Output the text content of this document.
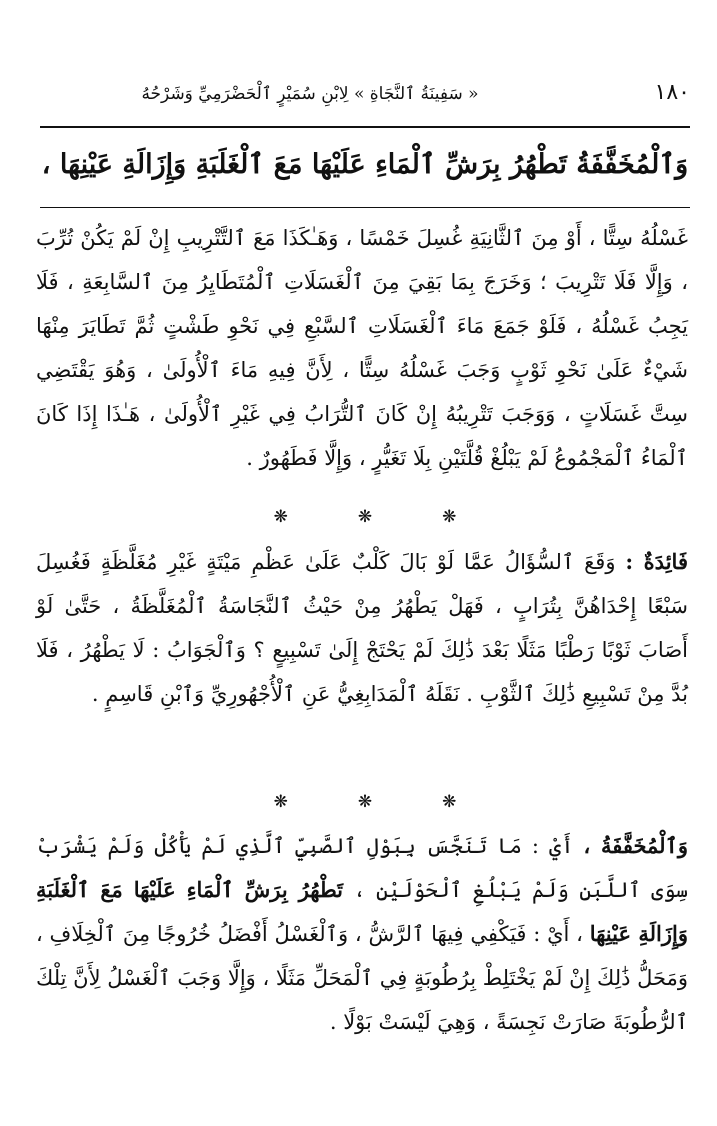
١٨٠
« سَفِينَةُ ٱلنَّجَاةِ » لِابْنِ سُمَيْرٍ ٱلْحَضْرَمِيِّ وَشَرْحُهُ
وَٱلْمُخَفَّفَةُ تَطْهُرُ بِرَشِّ ٱلْمَاءِ عَلَيْهَا مَعَ ٱلْغَلَبَةِ وَإِزَالَةِ عَيْنِهَا ،

غَسْلُهُ سِتًّا ، أَوْ مِنَ ٱلثَّانِيَةِ غُسِلَ خَمْسًا ، وَهَـٰكَذَا مَعَ ٱلتَّتْرِيبِ إِنْ لَمْ يَكُنْ تُرِّبَ ، وَإِلَّا فَلَا تَتْرِيبَ ؛ وَخَرَجَ بِمَا بَقِيَ مِنَ ٱلْغَسَلَاتِ ٱلْمُتَطَايِرُ مِنَ ٱلسَّابِعَةِ ، فَلَا يَجِبُ غَسْلُهُ ، فَلَوْ جَمَعَ مَاءَ ٱلْغَسَلَاتِ ٱلسَّبْعِ فِي نَحْوِ طَشْتٍ ثُمَّ تَطَايَرَ مِنْهَا شَيْءٌ عَلَىٰ نَحْوِ ثَوْبٍ وَجَبَ غَسْلُهُ سِتًّا ، لِأَنَّ فِيهِ مَاءَ ٱلْأُولَىٰ ، وَهُوَ يَقْتَضِي سِتَّ غَسَلَاتٍ ، وَوَجَبَ تَتْرِيبُهُ إِنْ كَانَ ٱلتُّرَابُ فِي غَيْرِ ٱلْأُولَىٰ ، هَـٰذَا إِذَا كَانَ ٱلْمَاءُ ٱلْمَجْمُوعُ لَمْ يَبْلُغْ قُلَّتَيْنِ بِلَا تَغَيُّرٍ ، وَإِلَّا فَطَهُورٌ .

❋	❋	❋

فَائِدَةٌ : وَقَعَ ٱلسُّؤَالُ عَمَّا لَوْ بَالَ كَلْبٌ عَلَىٰ عَظْمِ مَيْتَةٍ غَيْرِ مُغَلَّظَةٍ فَغُسِلَ سَبْعًا إِحْدَاهُنَّ بِتُرَابٍ ، فَهَلْ يَطْهُرُ مِنْ حَيْثُ ٱلنَّجَاسَةُ ٱلْمُغَلَّظَةُ ، حَتَّىٰ لَوْ أَصَابَ ثَوْبًا رَطْبًا مَثَلًا بَعْدَ ذَٰلِكَ لَمْ يَحْتَجْ إِلَىٰ تَسْبِيعٍ ؟ وَٱلْجَوَابُ : لَا يَطْهُرُ ، فَلَا بُدَّ مِنْ تَسْبِيعِ ذَٰلِكَ ٱلثَّوْبِ . نَقَلَهُ ٱلْمَدَابِغِيُّ عَنِ ٱلْأُجْهُورِيِّ وَٱبْنِ قَاسِمٍ .

❋	❋	❋

وَٱلْمُخَفَّفَةُ ، أَيْ : مَا تَنَجَّسَ بِبَوْلِ ٱلصَّبِيِّ ٱلَّذِي لَمْ يَأْكُلْ وَلَمْ يَشْرَبْ سِوَى ٱللَّبَنِ وَلَمْ يَبْلُغِ ٱلْحَوْلَيْنِ ، تَطْهُرُ بِرَشِّ ٱلْمَاءِ عَلَيْهَا مَعَ ٱلْغَلَبَةِ وَإِزَالَةِ عَيْنِهَا ، أَيْ : فَيَكْفِي فِيهَا ٱلرَّشُّ ، وَٱلْغَسْلُ أَفْضَلُ خُرُوجًا مِنَ ٱلْخِلَافِ ، وَمَحَلُّ ذَٰلِكَ إِنْ لَمْ يَخْتَلِطْ بِرُطُوبَةٍ فِي ٱلْمَحَلِّ مَثَلًا ، وَإِلَّا وَجَبَ ٱلْغَسْلُ لِأَنَّ تِلْكَ ٱلرُّطُوبَةَ صَارَتْ نَجِسَةً ، وَهِيَ لَيْسَتْ بَوْلًا .
